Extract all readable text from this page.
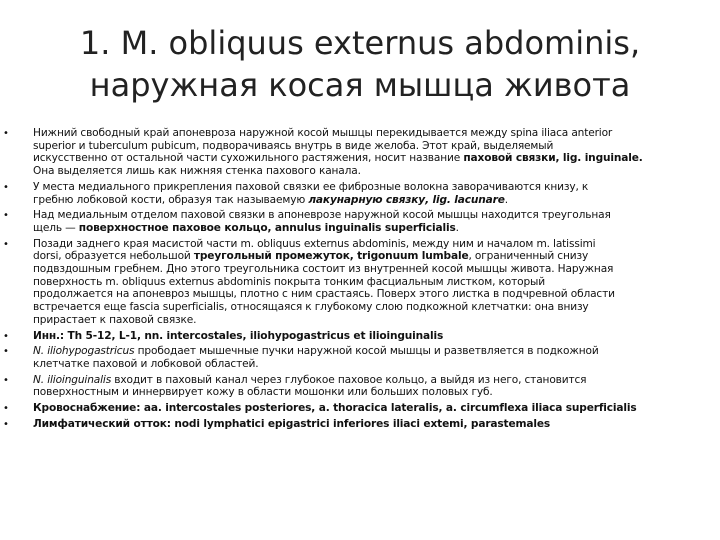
1. M. obliquus externus abdominis,
наружная косая мышца живота
• Нижний свободный край апоневроза наружной косой мышцы перекидывается между spina iliaca anterior
superior и tuberculum pubicum, подворачиваясь внутрь в виде желоба. Этот край, выделяемый
искусственно от остальной части сухожильного растяжения, носит название паховой связки, lig. inguinale.
Она выделяется лишь как нижняя стенка пахового канала.
• У места медиального прикрепления паховой связки ее фиброзные волокна заворачиваются книзу, к
гребню лобковой кости, образуя так называемую лакунарную связку, lig. lacunare.
• Над медиальным отделом паховой связки в апоневрозе наружной косой мышцы находится треугольная
щель — поверхностное паховое кольцо, annulus inguinalis superficialis.
• Позади заднего края масистой части m. obliquus externus abdominis, между ним и началом m. latissimi
dorsi, образуется небольшой треугольный промежуток, trigonuum lumbale, ограниченный снизу
подвздошным гребнем. Дно этого треугольника состоит из внутренней косой мышцы живота. Наружная
поверхность m. obliquus externus abdominis покрыта тонким фасциальным листком, который
продолжается на апоневроз мышцы, плотно с ним срастаясь. Поверх этого листка в подчревной области
встречается еще fascia superficialis, относящаяся к глубокому слою подкожной клетчатки: она внизу
прирастает к паховой связке.
• Инн.: Th 5-12, L-1, nn. intercostales, iliohypogastricus et ilioinguinalis
• N. iliohypogastricus прободает мышечные пучки наружной косой мышцы и разветвляется в подкожной
клетчатке паховой и лобковой областей.
• N. ilioinguinalis входит в паховый канал через глубокое паховое кольцо, а выйдя из него, становится
поверхностным и иннервирует кожу в области мошонки или больших половых губ.
• Кровоснабжение: aa. intercostales posteriores, a. thoracica lateralis, a. circumflexa iliaca superficialis
• Лимфатический отток: nodi lymphatici epigastrici inferiores iliaci extemi, parastemales
